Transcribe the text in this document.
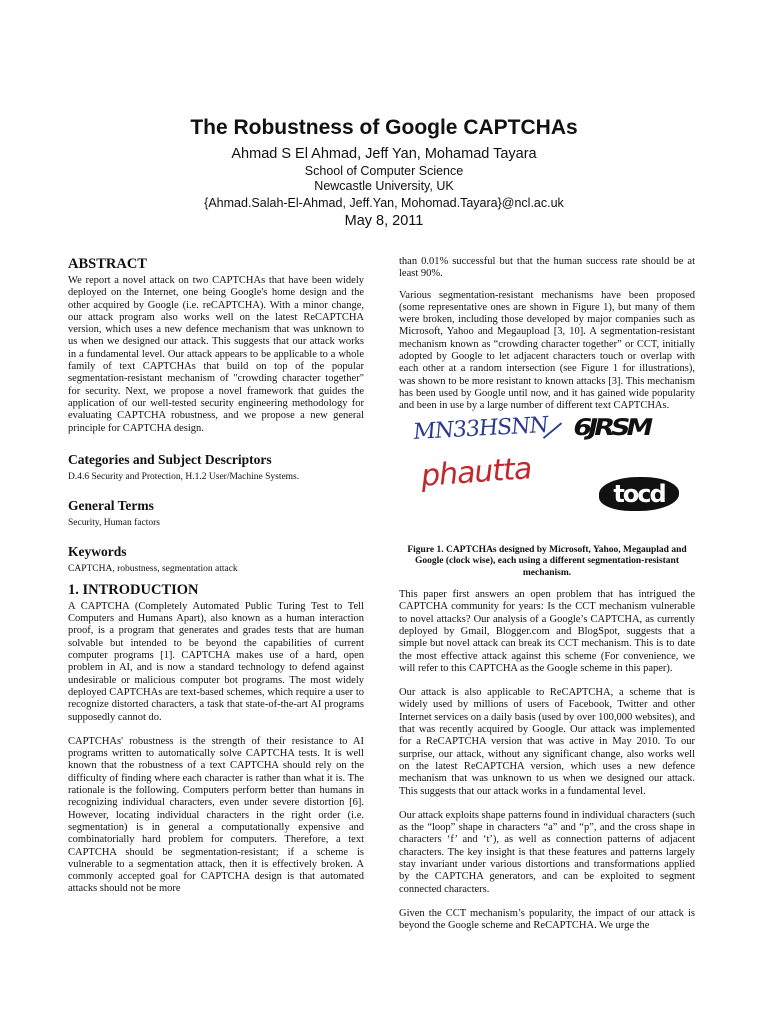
The Robustness of Google CAPTCHAs
Ahmad S El Ahmad, Jeff Yan, Mohamad Tayara
School of Computer Science
Newcastle University, UK
{Ahmad.Salah-El-Ahmad, Jeff.Yan, Mohomad.Tayara}@ncl.ac.uk
May 8, 2011
ABSTRACT

We report a novel attack on two CAPTCHAs that have been widely deployed on the Internet, one being Google's home design and the other acquired by Google (i.e. reCAPTCHA). With a minor change, our attack program also works well on the latest ReCAPTCHA version, which uses a new defence mechanism that was unknown to us when we designed our attack. This suggests that our attack works in a fundamental level. Our attack appears to be applicable to a whole family of text CAPTCHAs that build on top of the popular segmentation-resistant mechanism of "crowding character together" for security. Next, we propose a novel framework that guides the application of our well-tested security engineering methodology for evaluating CAPTCHA robustness, and we propose a new general principle for CAPTCHA design.

Categories and Subject Descriptors
D.4.6 Security and Protection, H.1.2 User/Machine Systems.
General Terms
Security, Human factors
Keywords
CAPTCHA, robustness, segmentation attack
1. INTRODUCTION

A CAPTCHA (Completely Automated Public Turing Test to Tell Computers and Humans Apart), also known as a human interaction proof, is a program that generates and grades tests that are human solvable but intended to be beyond the capabilities of current computer programs [1]. CAPTCHA makes use of a hard, open problem in AI, and is now a standard technology to defend against undesirable or malicious computer bot programs. The most widely deployed CAPTCHAs are text-based schemes, which require a user to recognize distorted characters, a task that state-of-the-art AI programs supposedly cannot do.

CAPTCHAs' robustness is the strength of their resistance to AI programs written to automatically solve CAPTCHA tests. It is well known that the robustness of a text CAPTCHA should rely on the difficulty of finding where each character is rather than what it is. The rationale is the following. Computers perform better than humans in recognizing individual characters, even under severe distortion [6]. However, locating individual characters in the right order (i.e. segmentation) is in general a computationally expensive and combinatorially hard problem for computers. Therefore, a text CAPTCHA should be segmentation-resistant; if a scheme is vulnerable to a segmentation attack, then it is effectively broken. A commonly accepted goal for CAPTCHA design is that automated attacks should not be more

than 0.01% successful but that the human success rate should be at least 90%.

Various segmentation-resistant mechanisms have been proposed (some representative ones are shown in Figure 1), but many of them were broken, including those developed by major companies such as Microsoft, Yahoo and Megaupload [3, 10]. A segmentation-resistant mechanism known as “crowding character together” or CCT, initially adopted by Google to let adjacent characters touch or overlap with each other at a random intersection (see Figure 1 for illustrations), was shown to be more resistant to known attacks [3]. This mechanism has been used by Google until now, and it has gained wide popularity and been in use by a large number of different text CAPTCHAs.

MN33HSNN 6JRSM
phautta
tocd
Figure 1. CAPTCHAs designed by Microsoft, Yahoo, Megauplad and Google (clock wise), each using a different segmentation-resistant mechanism.

This paper first answers an open problem that has intrigued the CAPTCHA community for years: Is the CCT mechanism vulnerable to novel attacks? Our analysis of a Google’s CAPTCHA, as currently deployed by Gmail, Blogger.com and BlogSpot, suggests that a simple but novel attack can break its CCT mechanism. This is to date the most effective attack against this scheme (For convenience, we will refer to this CAPTCHA as the Google scheme in this paper).

Our attack is also applicable to ReCAPTCHA, a scheme that is widely used by millions of users of Facebook, Twitter and other Internet services on a daily basis (used by over 100,000 websites), and that was recently acquired by Google. Our attack was implemented for a ReCAPTCHA version that was active in May 2010. To our surprise, our attack, without any significant change, also works well on the latest ReCAPTCHA version, which uses a new defence mechanism that was unknown to us when we designed our attack. This suggests that our attack works in a fundamental level.

Our attack exploits shape patterns found in individual characters (such as the “loop” shape in characters “a” and “p”, and the cross shape in characters ‘f’ and ‘t’), as well as connection patterns of adjacent characters. The key insight is that these features and patterns largely stay invariant under various distortions and transformations applied by the CAPTCHA generators, and can be exploited to segment connected characters.

Given the CCT mechanism’s popularity, the impact of our attack is beyond the Google scheme and ReCAPTCHA. We urge the
